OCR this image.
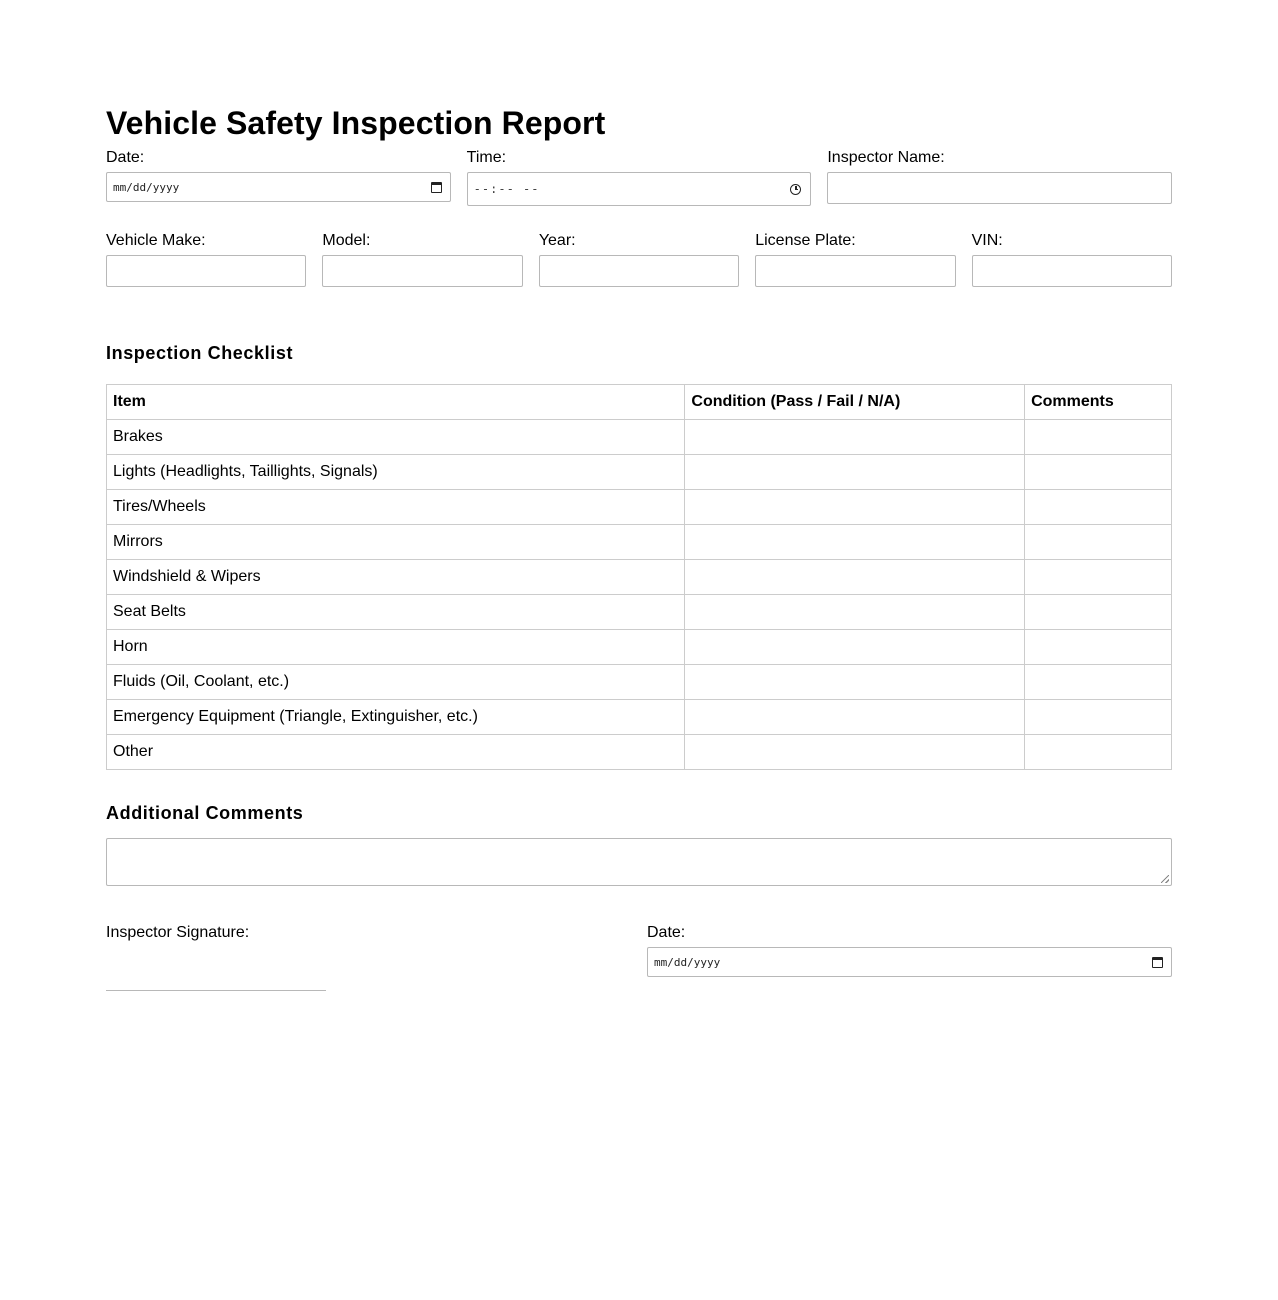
Vehicle Safety Inspection Report
Date:
mm/dd/yyyy
Time:
--:-- --
Inspector Name:
Vehicle Make:	Model:	Year:	License Plate:	VIN:
Inspection Checklist
Item	Condition (Pass / Fail / N/A)	Comments
Brakes		
Lights (Headlights, Taillights, Signals)		
Tires/Wheels		
Mirrors		
Windshield & Wipers		
Seat Belts		
Horn		
Fluids (Oil, Coolant, etc.)		
Emergency Equipment (Triangle, Extinguisher, etc.)		
Other		
Additional Comments
Inspector Signature:	Date:
mm/dd/yyyy
